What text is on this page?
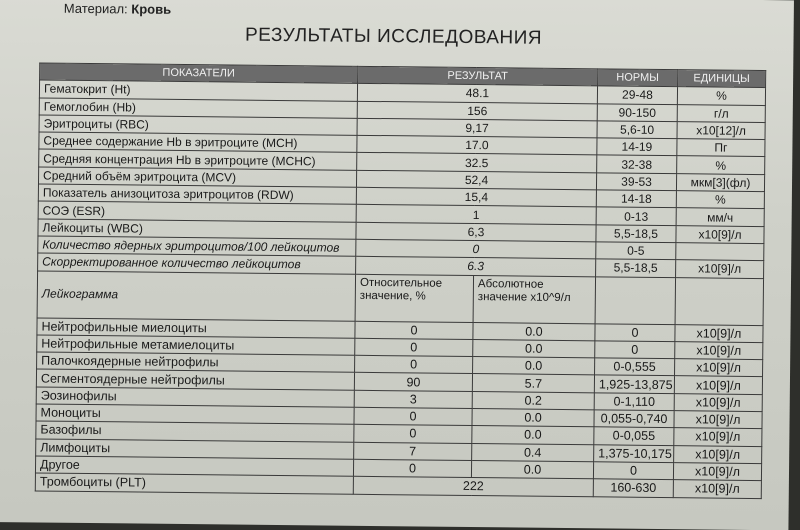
Материал: Кровь
РЕЗУЛЬТАТЫ ИССЛЕДОВАНИЯ
ПОКАЗАТЕЛИ	РЕЗУЛЬТАТ		НОРМЫ	ЕДИНИЦЫ
Гематокрит (Ht)	48.1		29-48	%
Гемоглобин (Hb)	156		90-150	г/л
Эритроциты (RBC)	9,17		5,6-10	x10[12]/л
Среднее содержание Hb в эритроците (MCH)	17.0		14-19	Пг
Средняя концентрация Hb в эритроците (MCHC)	32.5		32-38	%
Средний объём эритроцита (MCV)	52,4		39-53	мкм[3](фл)
Показатель анизоцитоза эритроцитов (RDW)	15,4		14-18	%
СОЭ (ESR)	1		0-13	мм/ч
Лейкоциты (WBC)	6,3		5,5-18,5	x10[9]/л
Количество ядерных эритроцитов/100 лейкоцитов	0		0-5	
Скорректированное количество лейкоцитов	6.3		5,5-18,5	x10[9]/л
Лейкограмма	Относительное значение, %	Абсолютное значение x10^9/л		
Нейтрофильные миелоциты	0	0.0	0	x10[9]/л
Нейтрофильные метамиелоциты	0	0.0	0	x10[9]/л
Палочкоядерные нейтрофилы	0	0.0	0-0,555	x10[9]/л
Сегментоядерные нейтрофилы	90	5.7	1,925-13,875	x10[9]/л
Эозинофилы	3	0.2	0-1,110	x10[9]/л
Моноциты	0	0.0	0,055-0,740	x10[9]/л
Базофилы	0	0.0	0-0,055	x10[9]/л
Лимфоциты	7	0.4	1,375-10,175	x10[9]/л
Другое	0	0.0	0	x10[9]/л
Тромбоциты (PLT)	222		160-630	x10[9]/л
